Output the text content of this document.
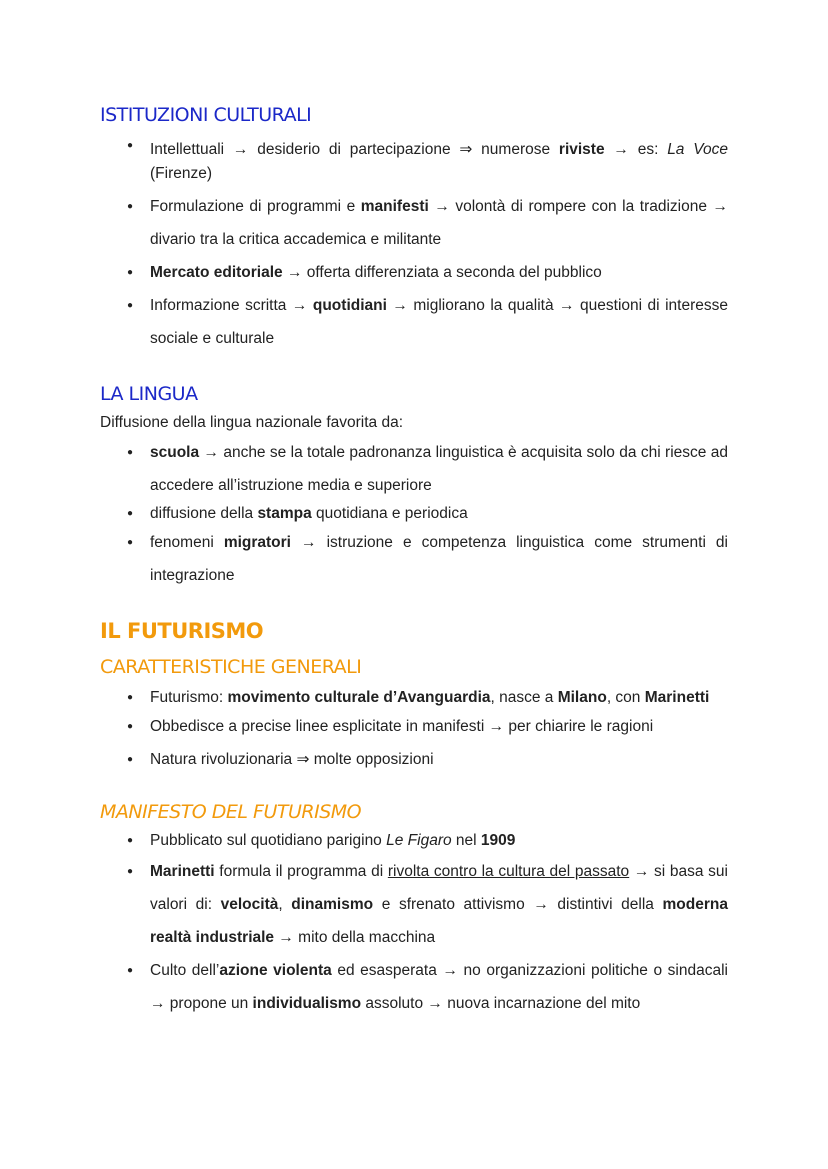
ISTITUZIONI CULTURALI
● Intellettuali → desiderio di partecipazione ⇒ numerose riviste → es: La Voce (Firenze)
● Formulazione di programmi e manifesti → volontà di rompere con la tradizione → divario tra la critica accademica e militante
● Mercato editoriale → offerta differenziata a seconda del pubblico
● Informazione scritta → quotidiani → migliorano la qualità → questioni di interesse sociale e culturale
LA LINGUA

Diffusione della lingua nazionale favorita da:

● scuola → anche se la totale padronanza linguistica è acquisita solo da chi riesce ad accedere all’istruzione media e superiore
● diffusione della stampa quotidiana e periodica
● fenomeni migratori → istruzione e competenza linguistica come strumenti di integrazione
IL FUTURISMO
CARATTERISTICHE GENERALI
● Futurismo: movimento culturale d’Avanguardia, nasce a Milano, con Marinetti
● Obbedisce a precise linee esplicitate in manifesti → per chiarire le ragioni
● Natura rivoluzionaria ⇒ molte opposizioni
MANIFESTO DEL FUTURISMO
● Pubblicato sul quotidiano parigino Le Figaro nel 1909
● Marinetti formula il programma di rivolta contro la cultura del passato → si basa sui valori di: velocità, dinamismo e sfrenato attivismo → distintivi della moderna realtà industriale → mito della macchina
● Culto dell’azione violenta ed esasperata → no organizzazioni politiche o sindacali → propone un individualismo assoluto → nuova incarnazione del mito
